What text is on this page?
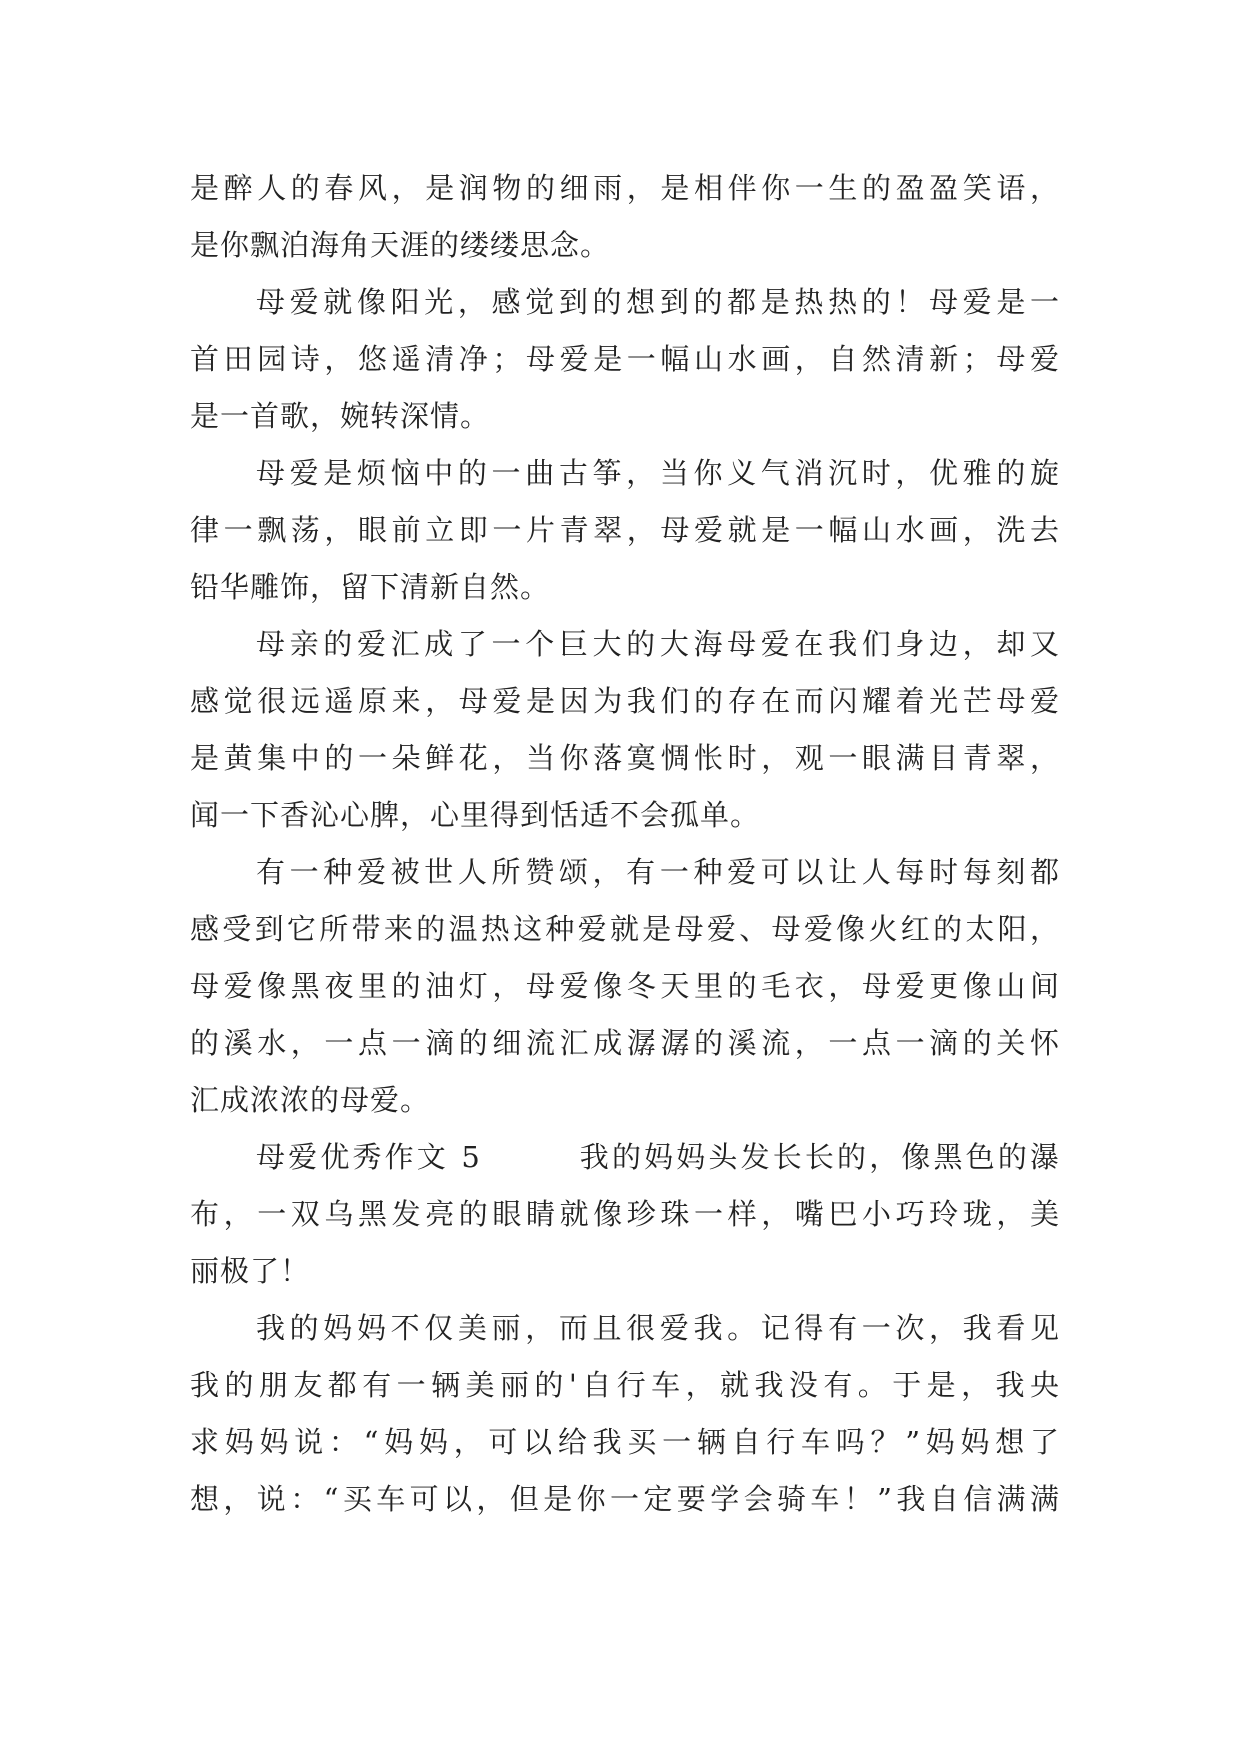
是醉人的春风，是润物的细雨，是相伴你一生的盈盈笑语，
是你飘泊海角天涯的缕缕思念。
母爱就像阳光，感觉到的想到的都是热热的！母爱是一
首田园诗，悠遥清净；母爱是一幅山水画，自然清新；母爱
是一首歌，婉转深情。
母爱是烦恼中的一曲古筝，当你义气消沉时，优雅的旋
律一飘荡，眼前立即一片青翠，母爱就是一幅山水画，洗去
铅华雕饰，留下清新自然。
母亲的爱汇成了一个巨大的大海母爱在我们身边，却又
感觉很远遥原来，母爱是因为我们的存在而闪耀着光芒母爱
是黄集中的一朵鲜花，当你落寞惆怅时，观一眼满目青翠，
闻一下香沁心脾，心里得到恬适不会孤单。
有一种爱被世人所赞颂，有一种爱可以让人每时每刻都
感受到它所带来的温热这种爱就是母爱、母爱像火红的太阳，
母爱像黑夜里的油灯，母爱像冬天里的毛衣，母爱更像山间
的溪水，一点一滴的细流汇成潺潺的溪流，一点一滴的关怀
汇成浓浓的母爱。
母爱优秀作文 5        我的妈妈头发长长的，像黑色的瀑
布，一双乌黑发亮的眼睛就像珍珠一样，嘴巴小巧玲珑，美
丽极了！
我的妈妈不仅美丽，而且很爱我。记得有一次，我看见
我的朋友都有一辆美丽的'自行车，就我没有。于是，我央
求妈妈说：“妈妈，可以给我买一辆自行车吗？”妈妈想了
想，说：“买车可以，但是你一定要学会骑车！”我自信满满
